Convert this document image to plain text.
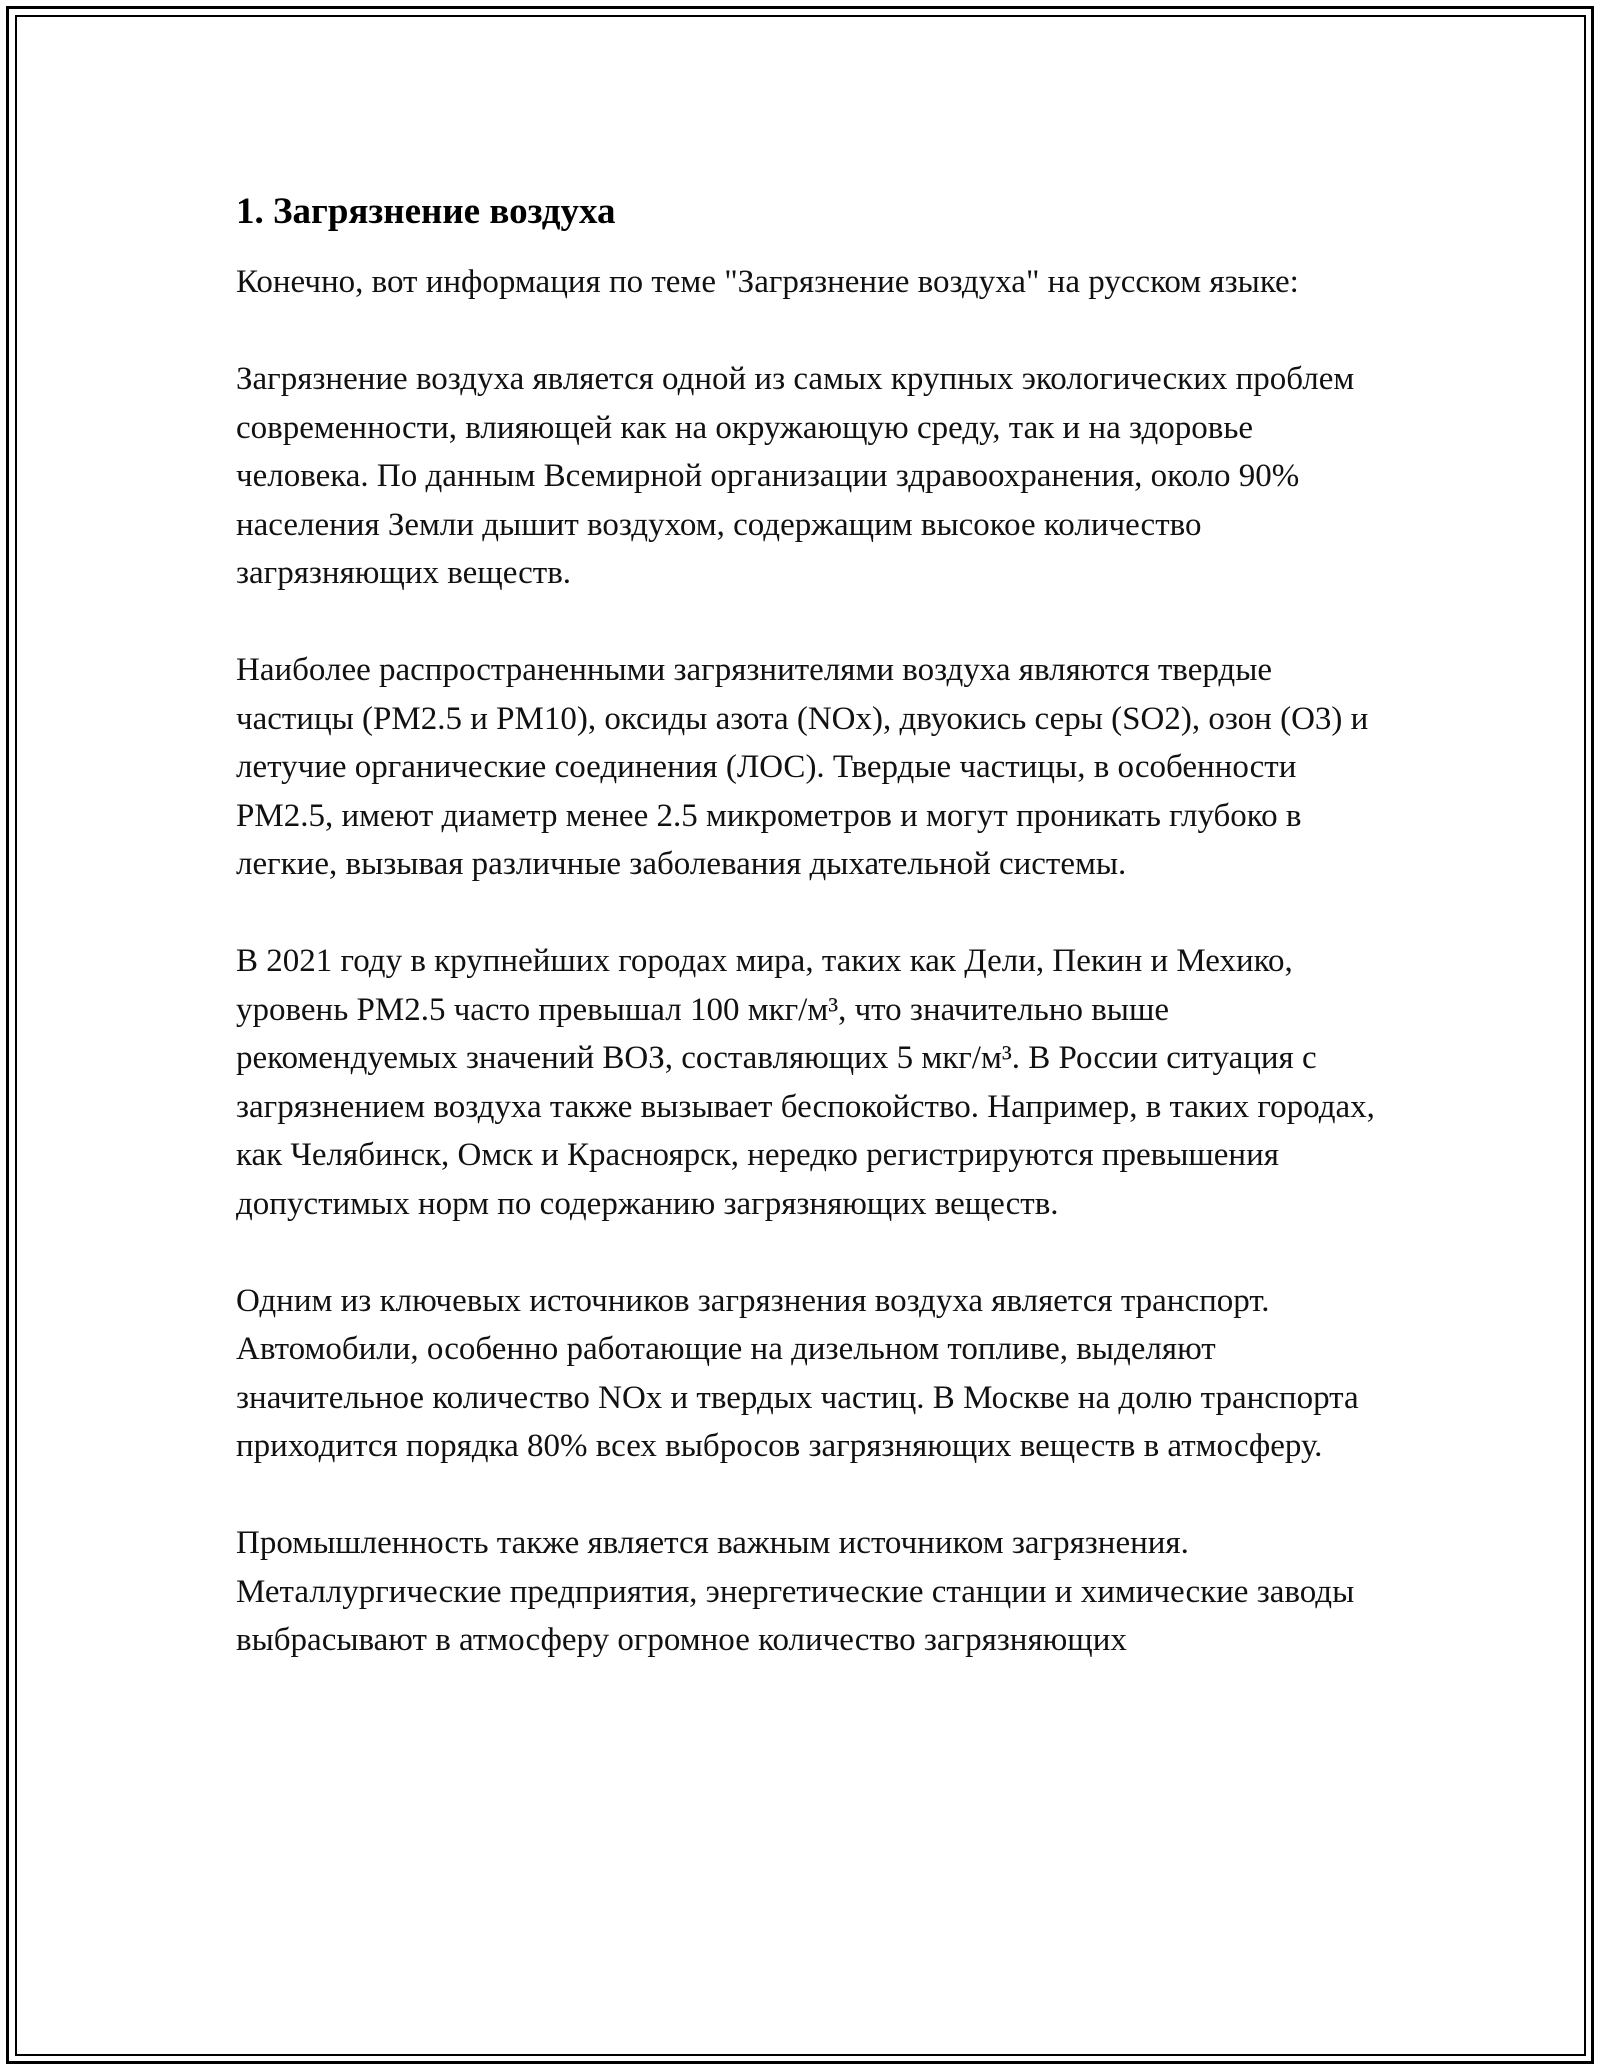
1. Загрязнение воздуха

Конечно, вот информация по теме "Загрязнение воздуха" на русском языке:

Загрязнение воздуха является одной из самых крупных экологических проблем современности, влияющей как на окружающую среду, так и на здоровье человека. По данным Всемирной организации здравоохранения, около 90% населения Земли дышит воздухом, содержащим высокое количество загрязняющих веществ.

Наиболее распространенными загрязнителями воздуха являются твердые частицы (PM2.5 и PM10), оксиды азота (NOx), двуокись серы (SO2), озон (O3) и летучие органические соединения (ЛОС). Твердые частицы, в особенности PM2.5, имеют диаметр менее 2.5 микрометров и могут проникать глубоко в легкие, вызывая различные заболевания дыхательной системы.

В 2021 году в крупнейших городах мира, таких как Дели, Пекин и Мехико, уровень PM2.5 часто превышал 100 мкг/м³, что значительно выше рекомендуемых значений ВОЗ, составляющих 5 мкг/м³. В России ситуация с загрязнением воздуха также вызывает беспокойство. Например, в таких городах, как Челябинск, Омск и Красноярск, нередко регистрируются превышения допустимых норм по содержанию загрязняющих веществ.

Одним из ключевых источников загрязнения воздуха является транспорт. Автомобили, особенно работающие на дизельном топливе, выделяют значительное количество NOx и твердых частиц. В Москве на долю транспорта приходится порядка 80% всех выбросов загрязняющих веществ в атмосферу.

Промышленность также является важным источником загрязнения. Металлургические предприятия, энергетические станции и химические заводы выбрасывают в атмосферу огромное количество загрязняющих
